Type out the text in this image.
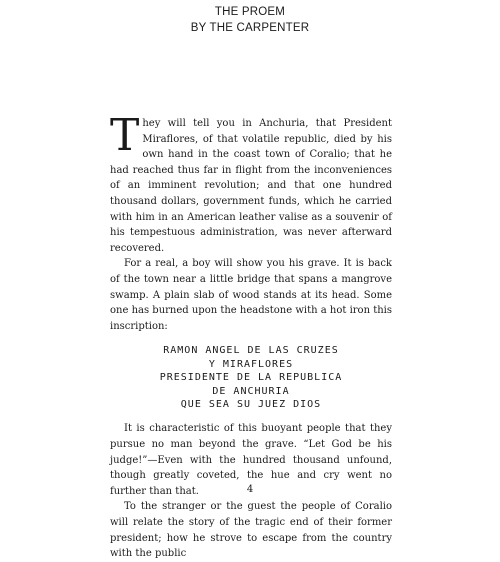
THE PROEM
BY THE CARPENTER

They will tell you in Anchuria, that President Miraflores, of that volatile republic, died by his own hand in the coast town of Coralio; that he had reached thus far in flight from the inconveniences of an imminent revolution; and that one hundred thousand dollars, government funds, which he carried with him in an American leather valise as a souvenir of his tempestuous administration, was never afterward recovered.

For a real, a boy will show you his grave. It is back of the town near a little bridge that spans a mangrove swamp. A plain slab of wood stands at its head. Some one has burned upon the headstone with a hot iron this inscription:

RAMON ANGEL DE LAS CRUZES
Y MIRAFLORES
PRESIDENTE DE LA REPUBLICA
DE ANCHURIA
QUE SEA SU JUEZ DIOS

It is characteristic of this buoyant people that they pursue no man beyond the grave. “Let God be his judge!”—Even with the hundred thousand unfound, though greatly coveted, the hue and cry went no further than that.

To the stranger or the guest the people of Coralio will relate the story of the tragic end of their former president; how he strove to escape from the country with the public

4
